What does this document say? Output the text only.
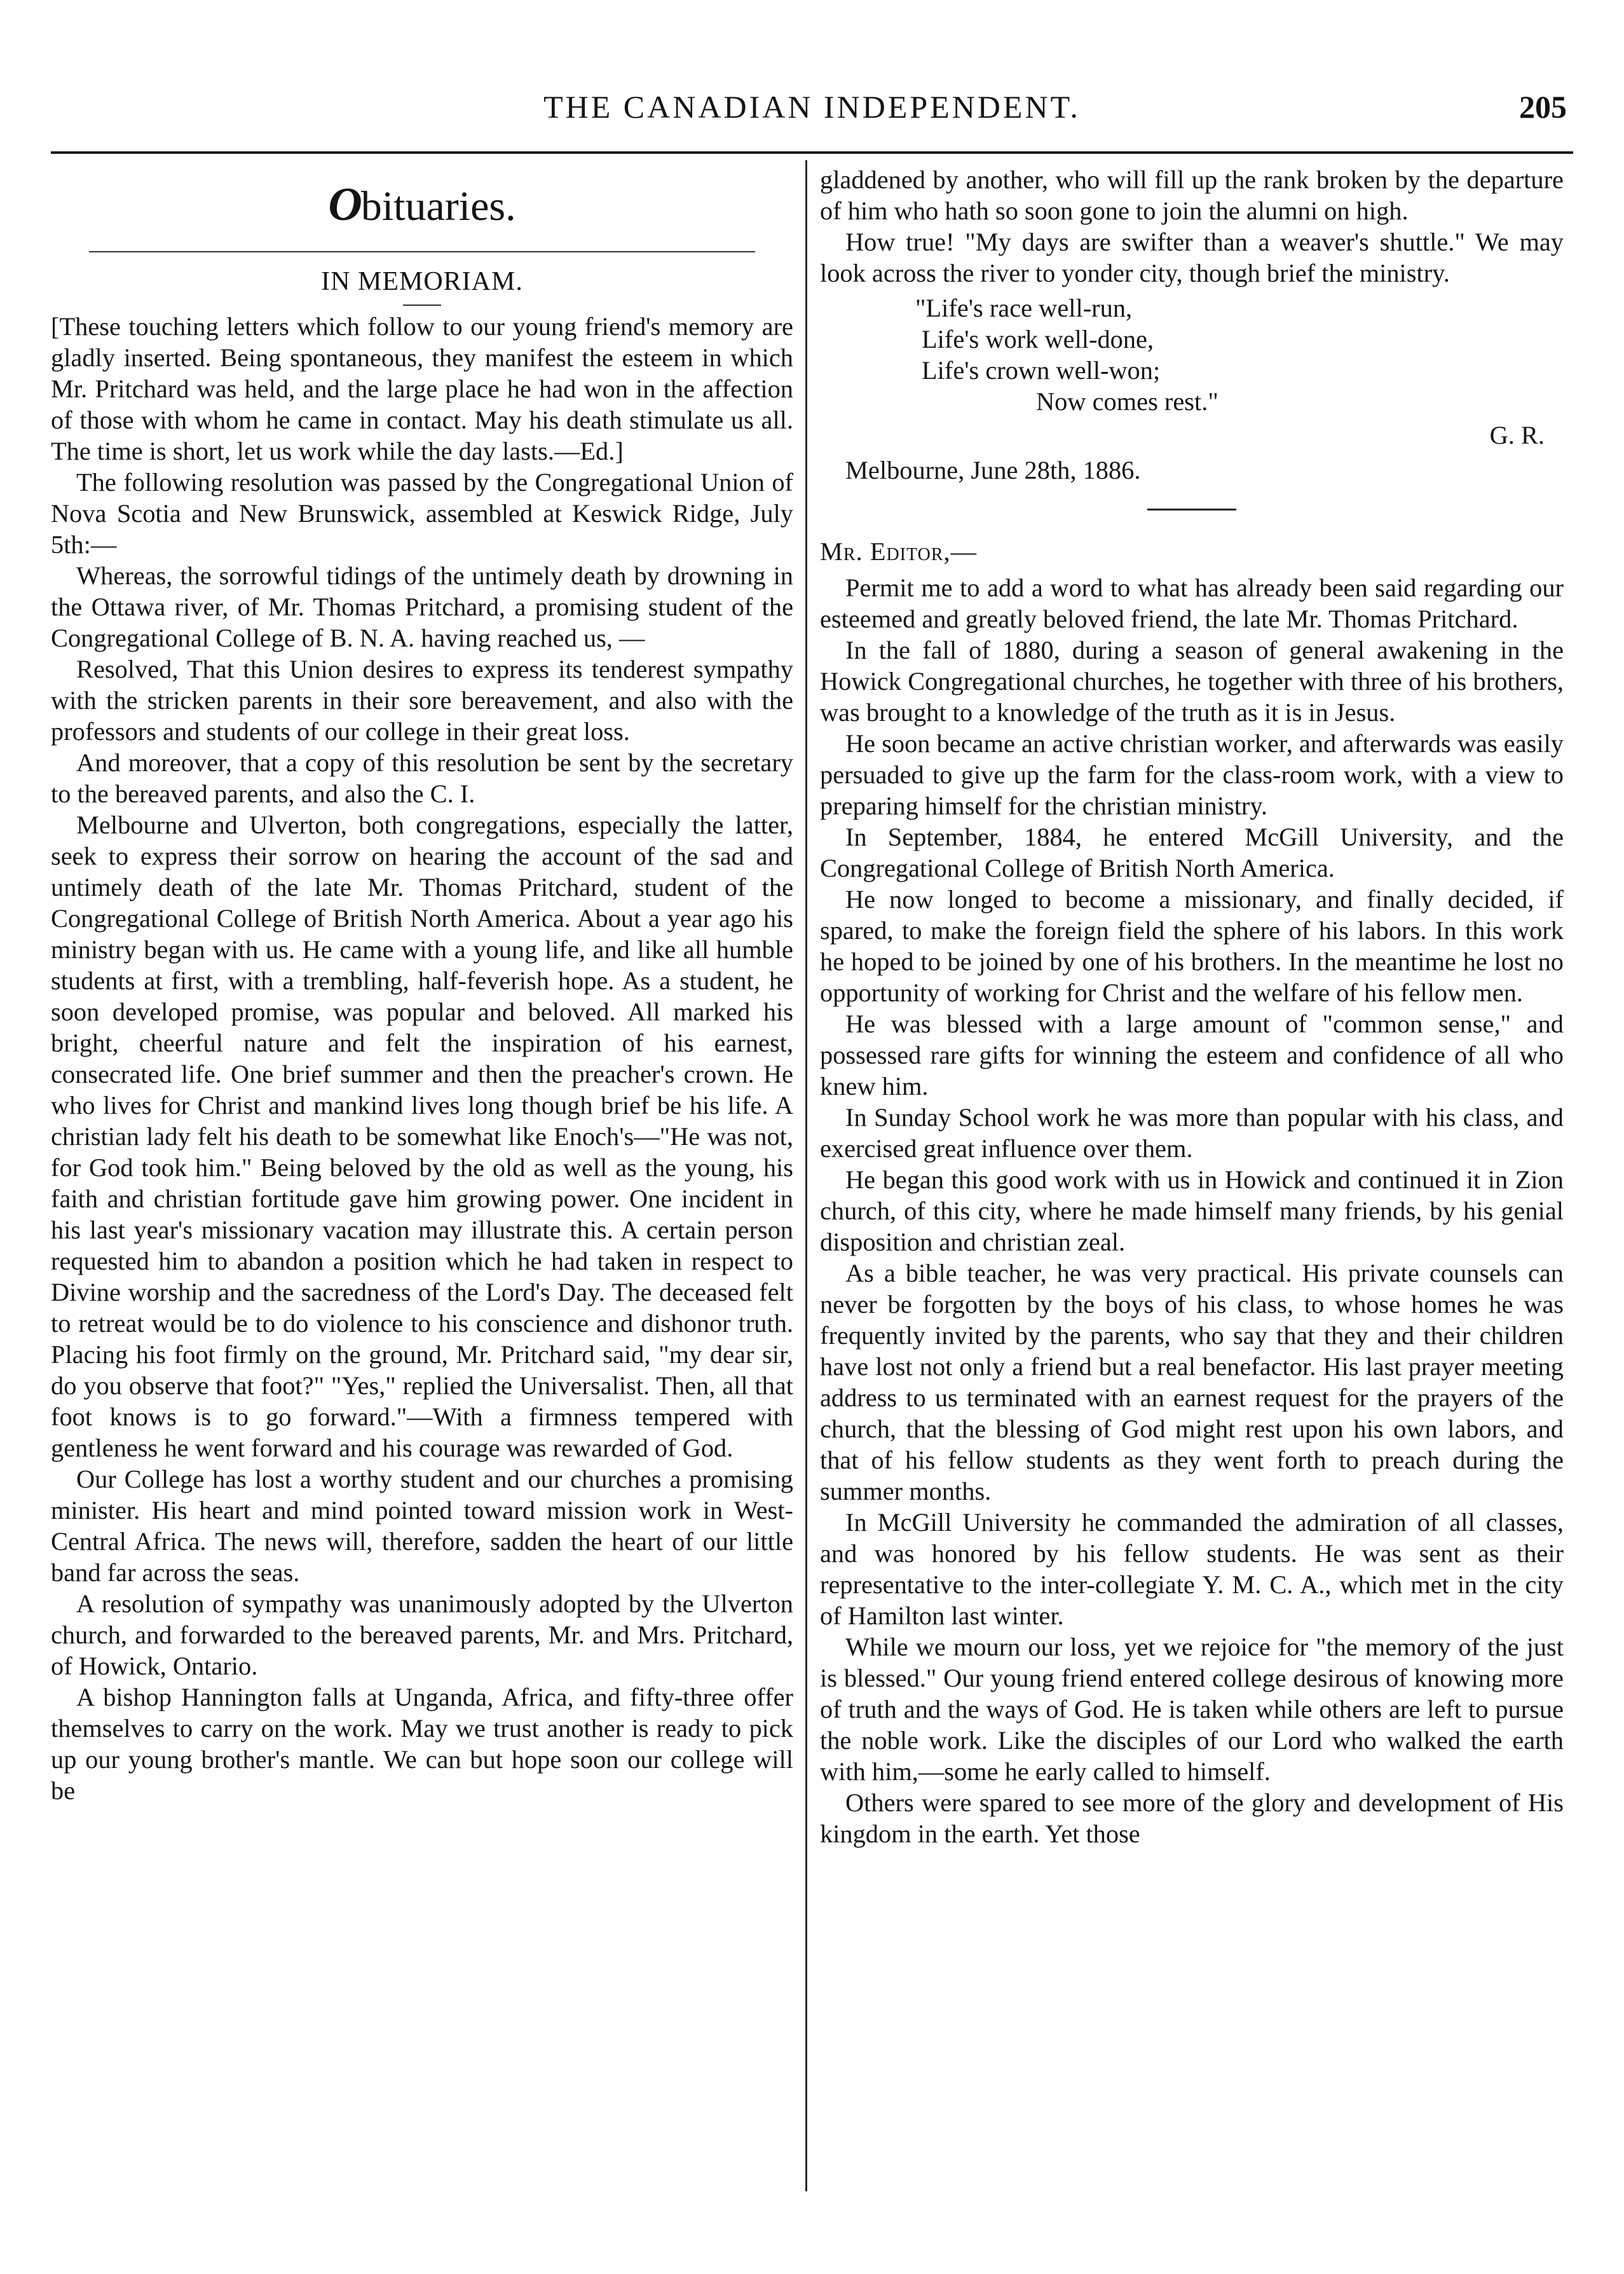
THE CANADIAN INDEPENDENT.	205
Obituaries.
IN MEMORIAM.

[These touching letters which follow to our young friend's memory are gladly inserted. Being spontaneous, they manifest the esteem in which Mr. Pritchard was held, and the large place he had won in the affection of those with whom he came in contact. May his death stimulate us all. The time is short, let us work while the day lasts.—Ed.]

The following resolution was passed by the Congregational Union of Nova Scotia and New Brunswick, assembled at Keswick Ridge, July 5th:—

Whereas, the sorrowful tidings of the untimely death by drowning in the Ottawa river, of Mr. Thomas Pritchard, a promising student of the Congregational College of B. N. A. having reached us, —

Resolved, That this Union desires to express its tenderest sympathy with the stricken parents in their sore bereavement, and also with the professors and students of our college in their great loss.

And moreover, that a copy of this resolution be sent by the secretary to the bereaved parents, and also the C. I.

Melbourne and Ulverton, both congregations, especially the latter, seek to express their sorrow on hearing the account of the sad and untimely death of the late Mr. Thomas Pritchard, student of the Congregational College of British North America. About a year ago his ministry began with us. He came with a young life, and like all humble students at first, with a trembling, half-feverish hope. As a student, he soon developed promise, was popular and beloved. All marked his bright, cheerful nature and felt the inspiration of his earnest, consecrated life. One brief summer and then the preacher's crown. He who lives for Christ and mankind lives long though brief be his life. A christian lady felt his death to be somewhat like Enoch's—"He was not, for God took him." Being beloved by the old as well as the young, his faith and christian fortitude gave him growing power. One incident in his last year's missionary vacation may illustrate this. A certain person requested him to abandon a position which he had taken in respect to Divine worship and the sacredness of the Lord's Day. The deceased felt to retreat would be to do violence to his conscience and dishonor truth. Placing his foot firmly on the ground, Mr. Pritchard said, "my dear sir, do you observe that foot?" "Yes," replied the Universalist. Then, all that foot knows is to go forward."—With a firmness tempered with gentleness he went forward and his courage was rewarded of God.

Our College has lost a worthy student and our churches a promising minister. His heart and mind pointed toward mission work in West-Central Africa. The news will, therefore, sadden the heart of our little band far across the seas.

A resolution of sympathy was unanimously adopted by the Ulverton church, and forwarded to the bereaved parents, Mr. and Mrs. Pritchard, of Howick, Ontario.

A bishop Hannington falls at Unganda, Africa, and fifty-three offer themselves to carry on the work. May we trust another is ready to pick up our young brother's mantle. We can but hope soon our college will be

gladdened by another, who will fill up the rank broken by the departure of him who hath so soon gone to join the alumni on high.

How true! "My days are swifter than a weaver's shuttle." We may look across the river to yonder city, though brief the ministry.

"Life's race well-run,
Life's work well-done,
Life's crown well-won;
Now comes rest."
G. R.
Melbourne, June 28th, 1886.
Mr. Editor,—

Permit me to add a word to what has already been said regarding our esteemed and greatly beloved friend, the late Mr. Thomas Pritchard.

In the fall of 1880, during a season of general awakening in the Howick Congregational churches, he together with three of his brothers, was brought to a knowledge of the truth as it is in Jesus.

He soon became an active christian worker, and afterwards was easily persuaded to give up the farm for the class-room work, with a view to preparing himself for the christian ministry.

In September, 1884, he entered McGill University, and the Congregational College of British North America.

He now longed to become a missionary, and finally decided, if spared, to make the foreign field the sphere of his labors. In this work he hoped to be joined by one of his brothers. In the meantime he lost no opportunity of working for Christ and the welfare of his fellow men.

He was blessed with a large amount of "common sense," and possessed rare gifts for winning the esteem and confidence of all who knew him.

In Sunday School work he was more than popular with his class, and exercised great influence over them.

He began this good work with us in Howick and continued it in Zion church, of this city, where he made himself many friends, by his genial disposition and christian zeal.

As a bible teacher, he was very practical. His private counsels can never be forgotten by the boys of his class, to whose homes he was frequently invited by the parents, who say that they and their children have lost not only a friend but a real benefactor. His last prayer meeting address to us terminated with an earnest request for the prayers of the church, that the blessing of God might rest upon his own labors, and that of his fellow students as they went forth to preach during the summer months.

In McGill University he commanded the admiration of all classes, and was honored by his fellow students. He was sent as their representative to the inter-collegiate Y. M. C. A., which met in the city of Hamilton last winter.

While we mourn our loss, yet we rejoice for "the memory of the just is blessed." Our young friend entered college desirous of knowing more of truth and the ways of God. He is taken while others are left to pursue the noble work. Like the disciples of our Lord who walked the earth with him,—some he early called to himself.

Others were spared to see more of the glory and development of His kingdom in the earth. Yet those
